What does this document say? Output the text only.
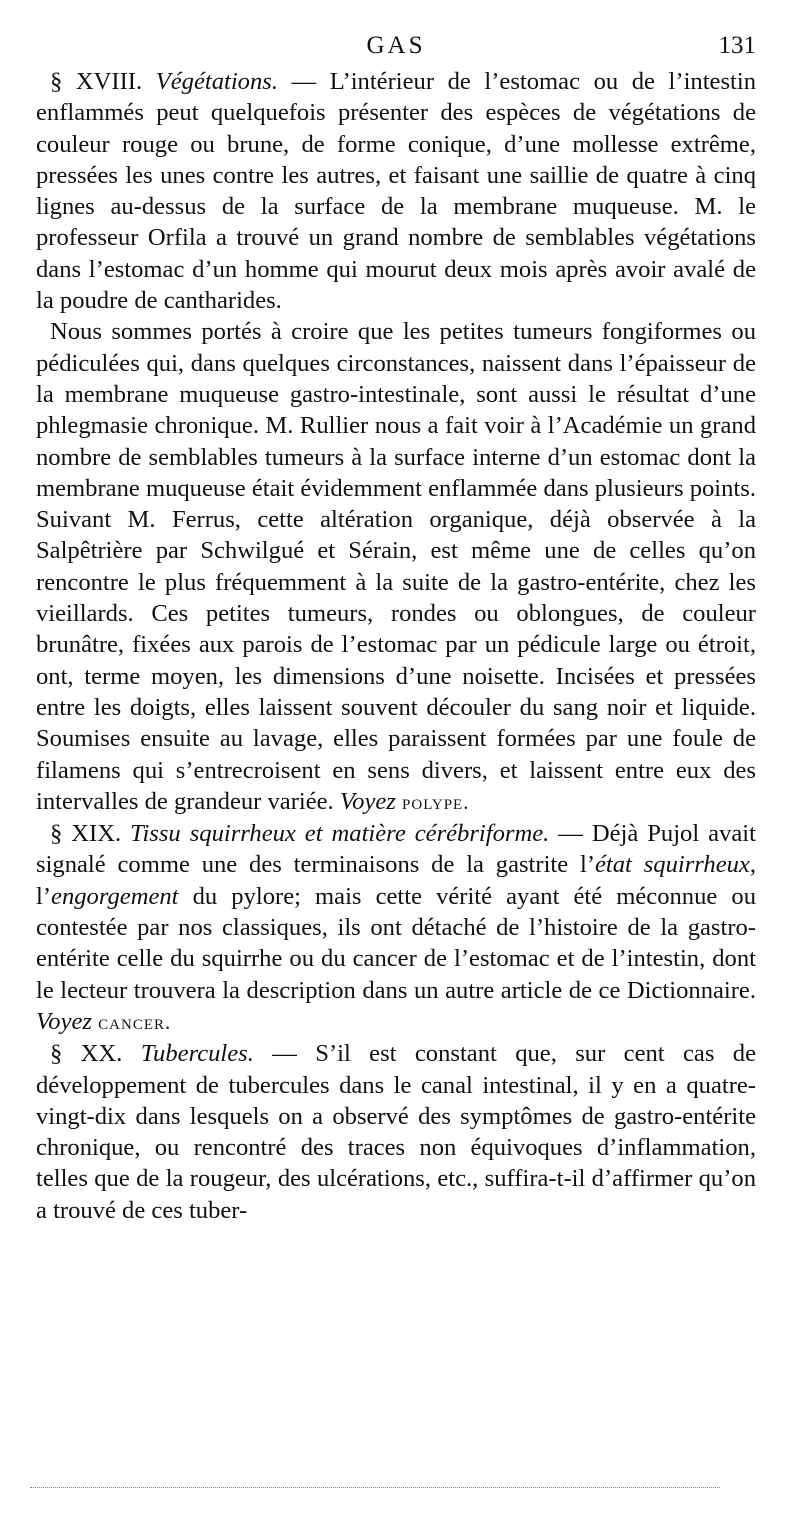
GAS	131

§ XVIII. Végétations. — L’intérieur de l’estomac ou de l’intestin enflammés peut quelquefois présenter des espèces de végétations de couleur rouge ou brune, de forme conique, d’une mollesse extrême, pressées les unes contre les autres, et faisant une saillie de quatre à cinq lignes au-dessus de la surface de la membrane muqueuse. M. le professeur Orfila a trouvé un grand nombre de semblables végétations dans l’estomac d’un homme qui mourut deux mois après avoir avalé de la poudre de cantharides.

Nous sommes portés à croire que les petites tumeurs fongiformes ou pédiculées qui, dans quelques circonstances, naissent dans l’épaisseur de la membrane muqueuse gastro-intestinale, sont aussi le résultat d’une phlegmasie chronique. M. Rullier nous a fait voir à l’Académie un grand nombre de semblables tumeurs à la surface interne d’un estomac dont la membrane muqueuse était évidemment enflammée dans plusieurs points. Suivant M. Ferrus, cette altération organique, déjà observée à la Salpêtrière par Schwilgué et Sérain, est même une de celles qu’on rencontre le plus fréquemment à la suite de la gastro-entérite, chez les vieillards. Ces petites tumeurs, rondes ou oblongues, de couleur brunâtre, fixées aux parois de l’estomac par un pédicule large ou étroit, ont, terme moyen, les dimensions d’une noisette. Incisées et pressées entre les doigts, elles laissent souvent découler du sang noir et liquide. Soumises ensuite au lavage, elles paraissent formées par une foule de filamens qui s’entrecroisent en sens divers, et laissent entre eux des intervalles de grandeur variée. Voyez polype.

§ XIX. Tissu squirrheux et matière cérébriforme. — Déjà Pujol avait signalé comme une des terminaisons de la gastrite l’état squirrheux, l’engorgement du pylore; mais cette vérité ayant été méconnue ou contestée par nos classiques, ils ont détaché de l’histoire de la gastro-entérite celle du squirrhe ou du cancer de l’estomac et de l’intestin, dont le lecteur trouvera la description dans un autre article de ce Dictionnaire. Voyez cancer.

§ XX. Tubercules. — S’il est constant que, sur cent cas de développement de tubercules dans le canal intestinal, il y en a quatre-vingt-dix dans lesquels on a observé des symptômes de gastro-entérite chronique, ou rencontré des traces non équivoques d’inflammation, telles que de la rougeur, des ulcérations, etc., suffira-t-il d’affirmer qu’on a trouvé de ces tuber-
